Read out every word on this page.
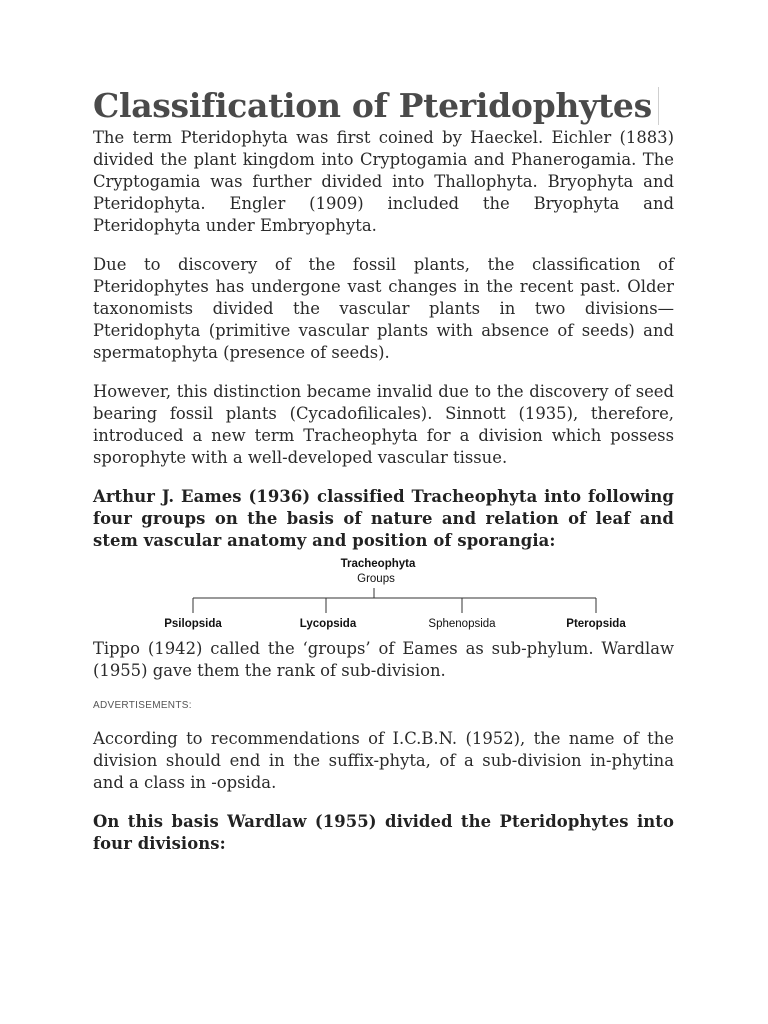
Classification of Pteridophytes

The term Pteridophyta was first coined by Haeckel. Eichler (1883) divided the plant kingdom into Cryptogamia and Phanerogamia. The Cryptogamia was further divided into Thallophyta. Bryophyta and Pteridophyta. Engler (1909) included the Bryophyta and Pteridophyta under Embryophyta.

Due to discovery of the fossil plants, the classification of Pteridophytes has undergone vast changes in the recent past. Older taxonomists divided the vascular plants in two divisions—Pteridophyta (primitive vascular plants with absence of seeds) and spermatophyta (presence of seeds).

However, this distinction became invalid due to the discovery of seed bearing fossil plants (Cycadofilicales). Sinnott (1935), therefore, introduced a new term Tracheophyta for a division which possess sporophyte with a well-developed vascular tissue.

Arthur J. Eames (1936) classified Tracheophyta into following four groups on the basis of nature and relation of leaf and stem vascular anatomy and position of sporangia:

Tracheophyta
Groups
Psilopsida	Lycopsida	Sphenopsida	Pteropsida

Tippo (1942) called the ‘groups’ of Eames as sub-phylum. Wardlaw (1955) gave them the rank of sub-division.

ADVERTISEMENTS:

According to recommendations of I.C.B.N. (1952), the name of the division should end in the suffix-phyta, of a sub-division in-phytina and a class in -opsida.

On this basis Wardlaw (1955) divided the Pteridophytes into four divisions:
